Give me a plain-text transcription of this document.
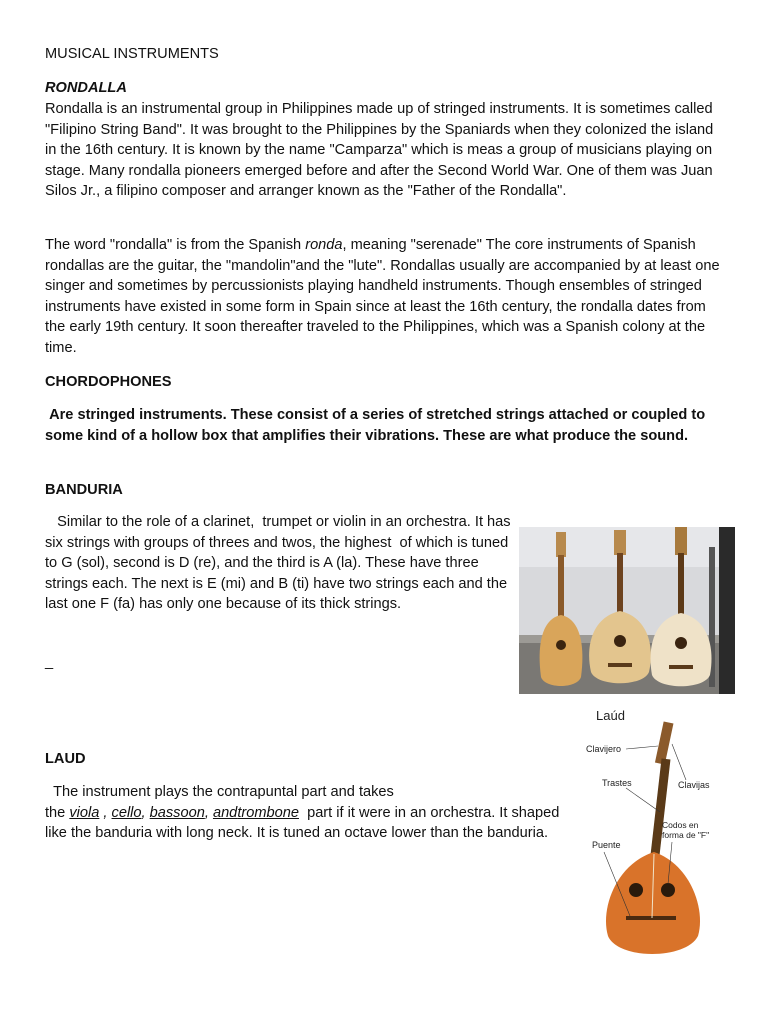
MUSICAL INSTRUMENTS

RONDALLA

Rondalla is an instrumental group in Philippines made up of stringed instruments. It is sometimes called "Filipino String Band". It was brought to the Philippines by the Spaniards when they colonized the island in the 16th century. It is known by the name "Camparza" which is meas a group of musicians playing on stage. Many rondalla pioneers emerged before and after the Second World War. One of them was Juan Silos Jr., a filipino composer and arranger known as the "Father of the Rondalla".

The word "rondalla" is from the Spanish ronda, meaning "serenade" The core instruments of Spanish rondallas are the guitar, the "mandolin"and the "lute". Rondallas usually are accompanied by at least one singer and sometimes by percussionists playing handheld instruments. Though ensembles of stringed instruments have existed in some form in Spain since at least the 16th century, the rondalla dates from the early 19th century. It soon thereafter traveled to the Philippines, which was a Spanish colony at the time.

CHORDOPHONES

Are stringed instruments. These consist of a series of stretched strings attached or coupled to some kind of a hollow box that amplifies their vibrations. These are what produce the sound.

BANDURIA

Similar to the role of a clarinet,  trumpet or violin in an orchestra. It has six strings with groups of threes and twos, the highest  of which is tuned to G (sol), second is D (re), and the third is A (la). These have three strings each. The next is E (mi) and B (ti) have two strings each and the last one F (fa) has only one because of its thick strings.

_

LAUD

The instrument plays the contrapuntal part and takes
the viola , cello, bassoon, andtrombone  part if it were in an orchestra. It shaped like the banduria with long neck. It is tuned an octave lower than the banduria.

Laúd
Clavijero
Trastes	Clavijas
Codos en
forma de "F"
Puente
